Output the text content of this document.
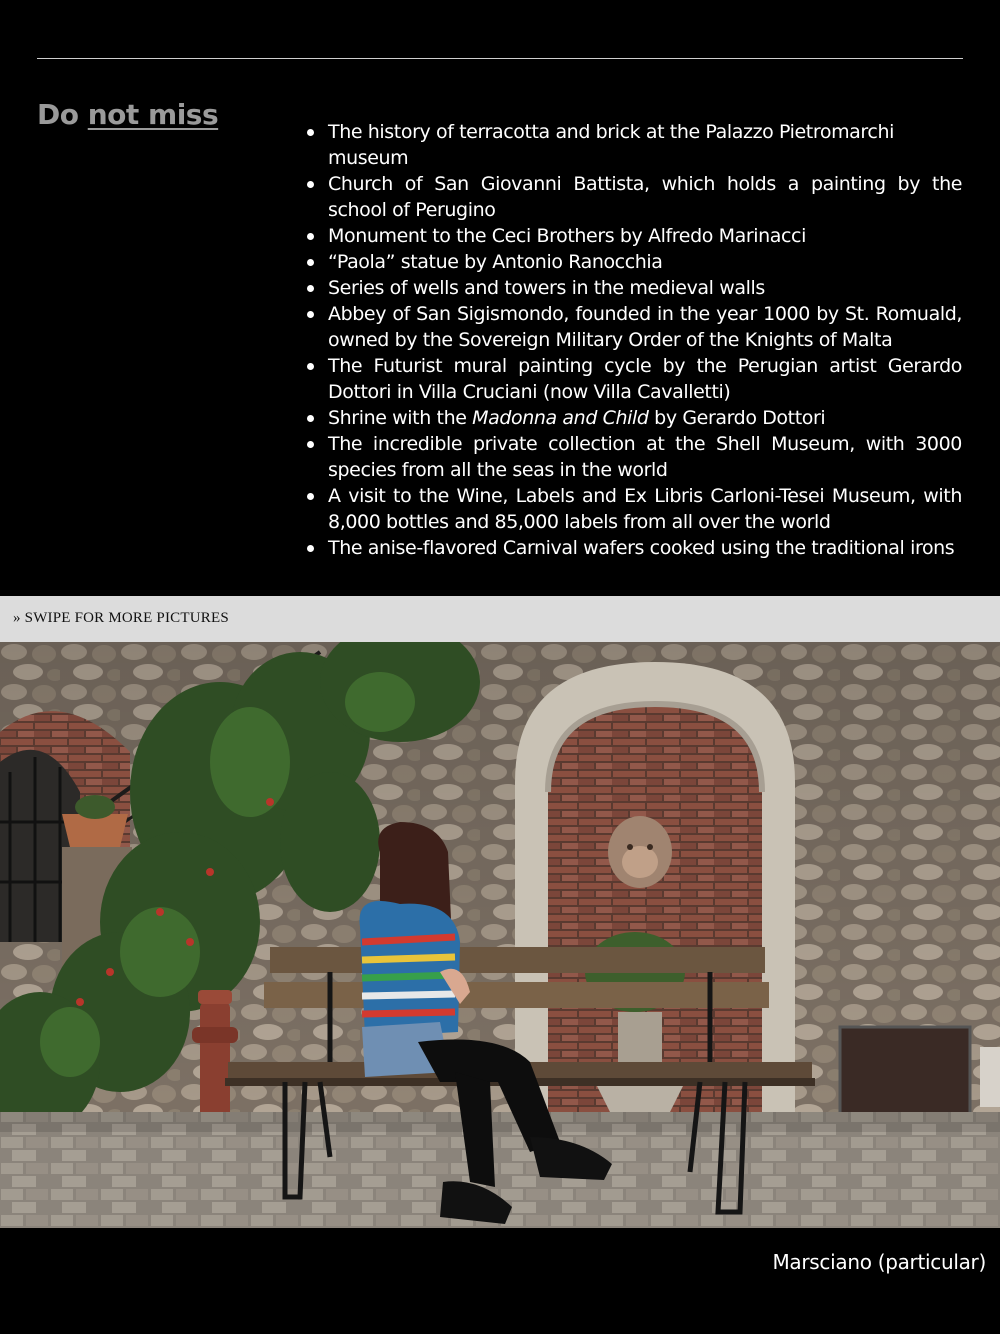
Do not miss
The history of terracotta and brick at the Palazzo Pietromarchi museum
Church of San Giovanni Battista, which holds a painting by the school of Perugino
Monument to the Ceci Brothers by Alfredo Marinacci
“Paola” statue by Antonio Ranocchia
Series of wells and towers in the medieval walls
Abbey of San Sigismondo, founded in the year 1000 by St. Romuald, owned by the Sovereign Military Order of the Knights of Malta
The Futurist mural painting cycle by the Perugian artist Gerardo Dottori in Villa Cruciani (now Villa Cavalletti)
Shrine with the Madonna and Child by Gerardo Dottori
The incredible private collection at the Shell Museum, with 3000 species from all the seas in the world
A visit to the Wine, Labels and Ex Libris Carloni-Tesei Museum, with 8,000 bottles and 85,000 labels from all over the world
The anise-flavored Carnival wafers cooked using the traditional irons
» SWIPE FOR MORE PICTURES
Marsciano (particular)
